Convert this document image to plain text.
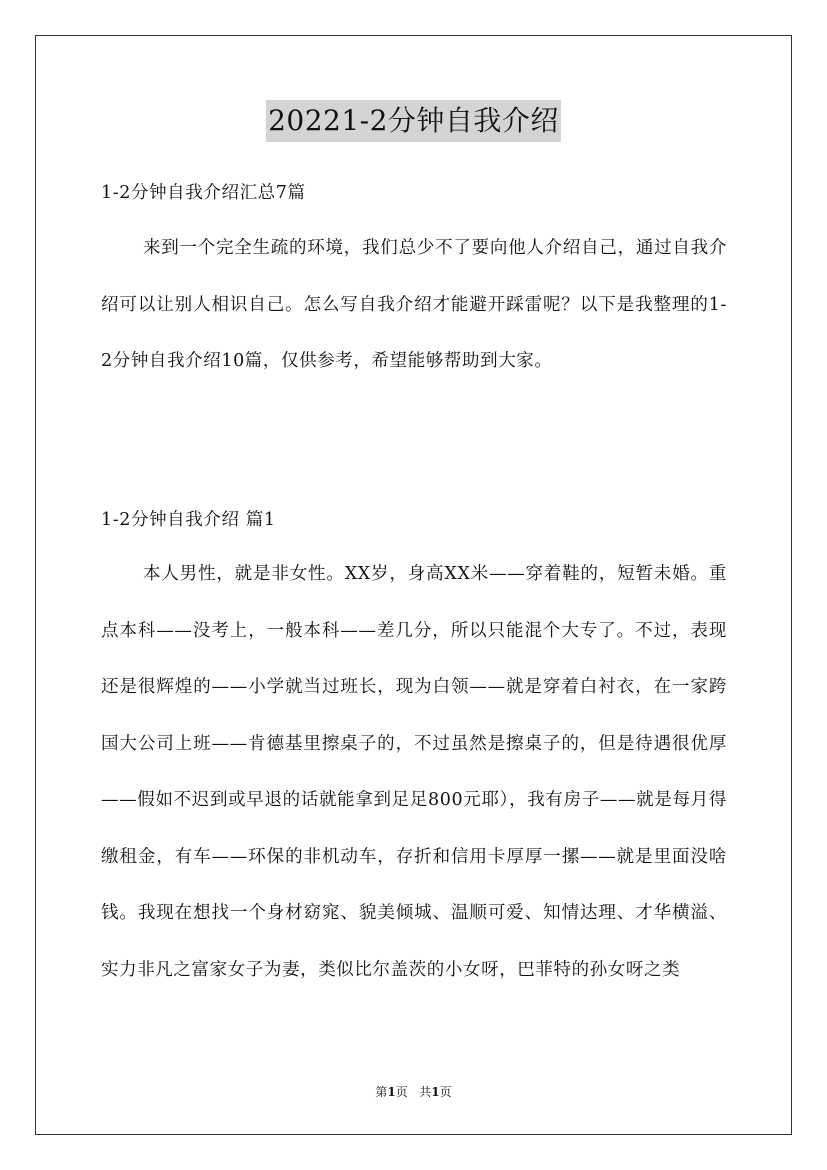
20221-2分钟自我介绍
1-2分钟自我介绍汇总7篇
来到一个完全生疏的环境，我们总少不了要向他人介绍自己，通过自我介绍可以让别人相识自己。怎么写自我介绍才能避开踩雷呢？以下是我整理的1-2分钟自我介绍10篇，仅供参考，希望能够帮助到大家。
1-2分钟自我介绍 篇1
本人男性，就是非女性。XX岁，身高XX米——穿着鞋的，短暂未婚。重点本科——没考上，一般本科——差几分，所以只能混个大专了。不过，表现还是很辉煌的——小学就当过班长，现为白领——就是穿着白衬衣，在一家跨国大公司上班——肯德基里擦桌子的，不过虽然是擦桌子的，但是待遇很优厚——假如不迟到或早退的话就能拿到足足800元耶），我有房子——就是每月得缴租金，有车——环保的非机动车，存折和信用卡厚厚一摞——就是里面没啥钱。我现在想找一个身材窈窕、貌美倾城、温顺可爱、知情达理、才华横溢、实力非凡之富家女子为妻，类似比尔盖茨的小女呀，巴菲特的孙女呀之类
第1页 共1页
